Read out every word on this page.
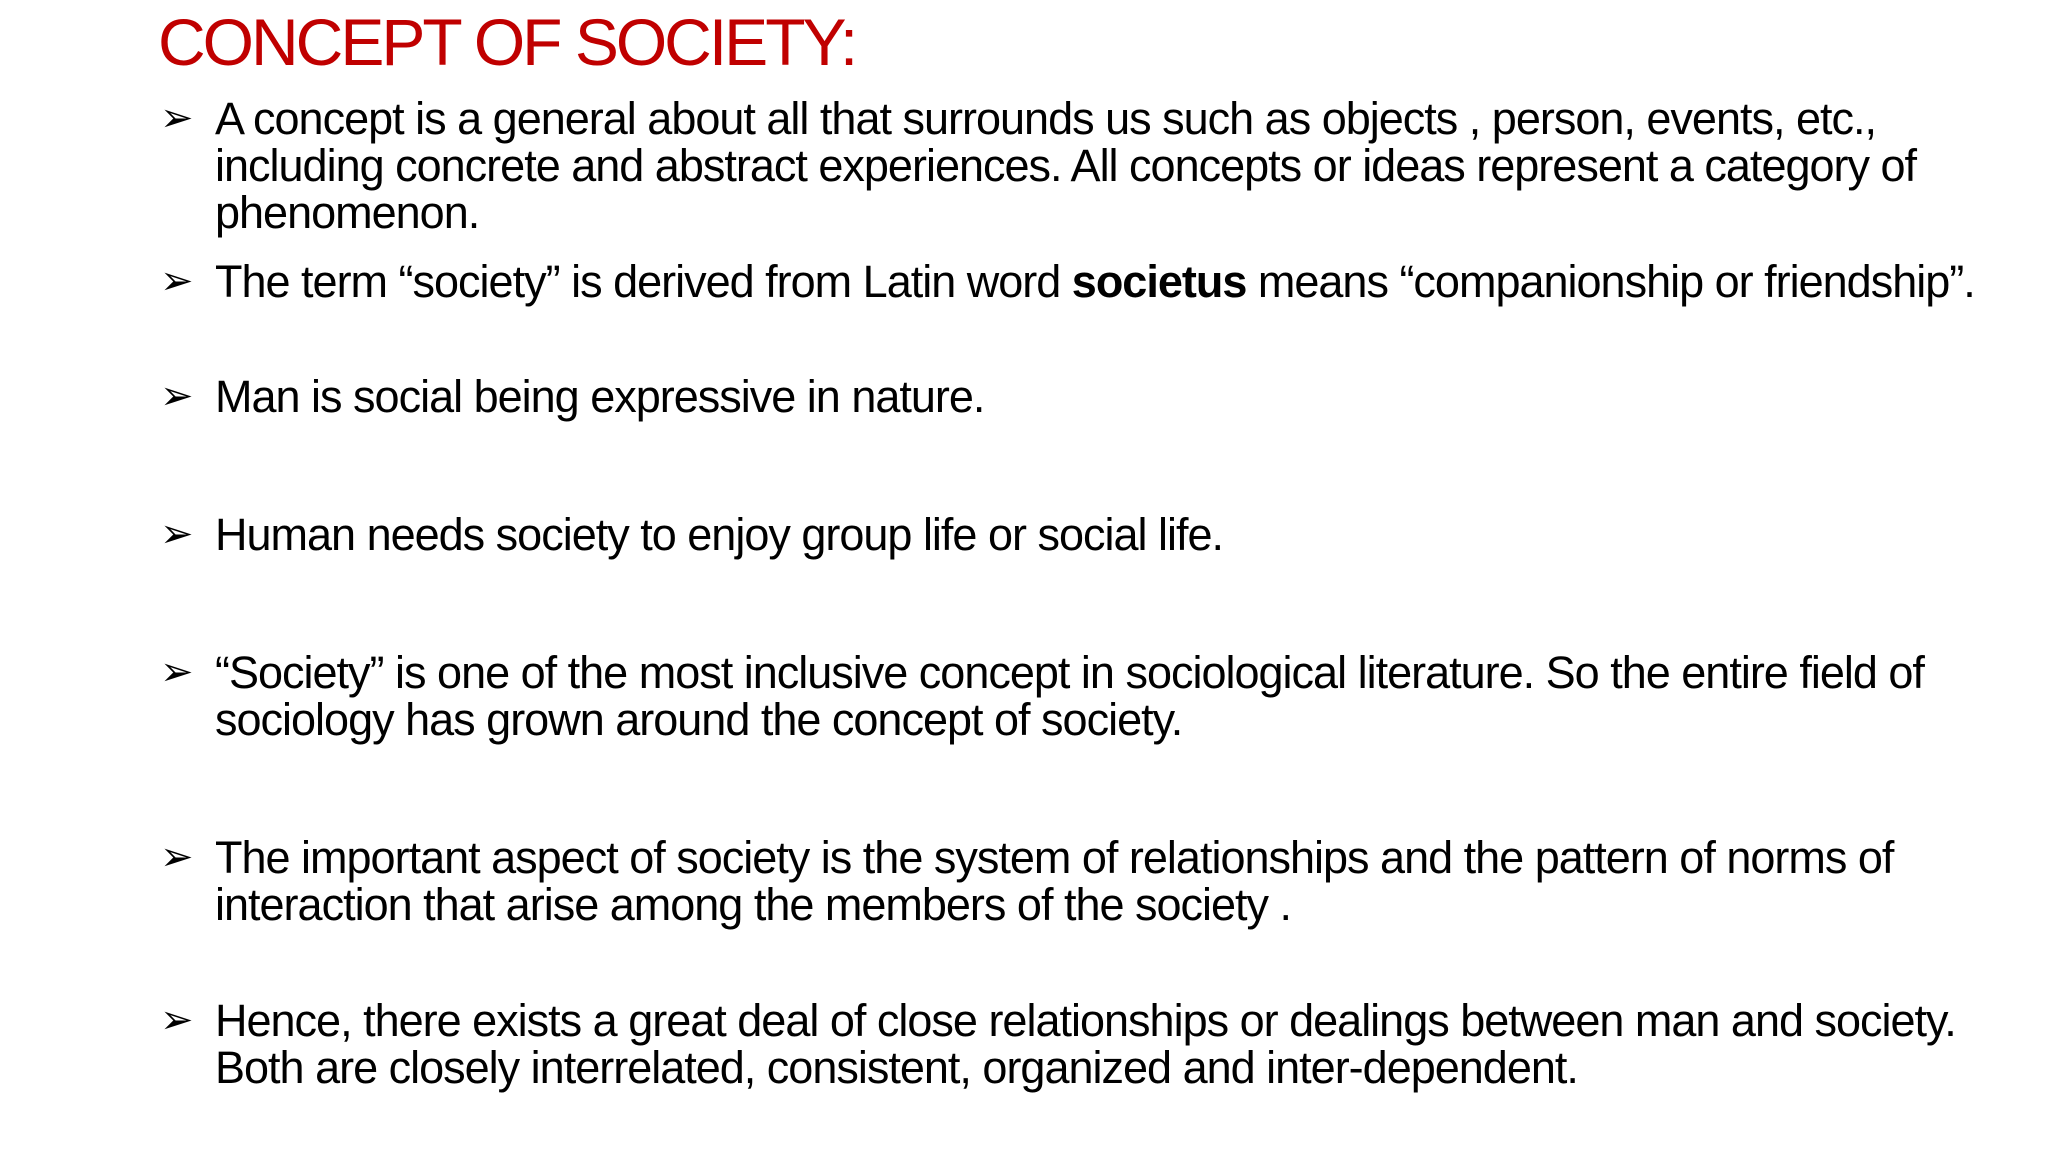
CONCEPT OF SOCIETY:
➢ A concept is a general about all that surrounds us such as objects , person, events, etc., including concrete and abstract experiences. All concepts or ideas represent a category of phenomenon.
➢ The term “society” is derived from Latin word societus means “companionship or friendship”.
➢ Man is social being expressive in nature.
➢ Human needs society to enjoy group life or social life.
➢ “Society” is one of the most inclusive concept in sociological literature. So the entire field of sociology has grown around the concept of society.
➢ The important aspect of society is the system of relationships and the pattern of norms of interaction that arise among the members of the society .
➢ Hence, there exists a great deal of close relationships or dealings between man and society. Both are closely interrelated, consistent, organized and inter-dependent.
